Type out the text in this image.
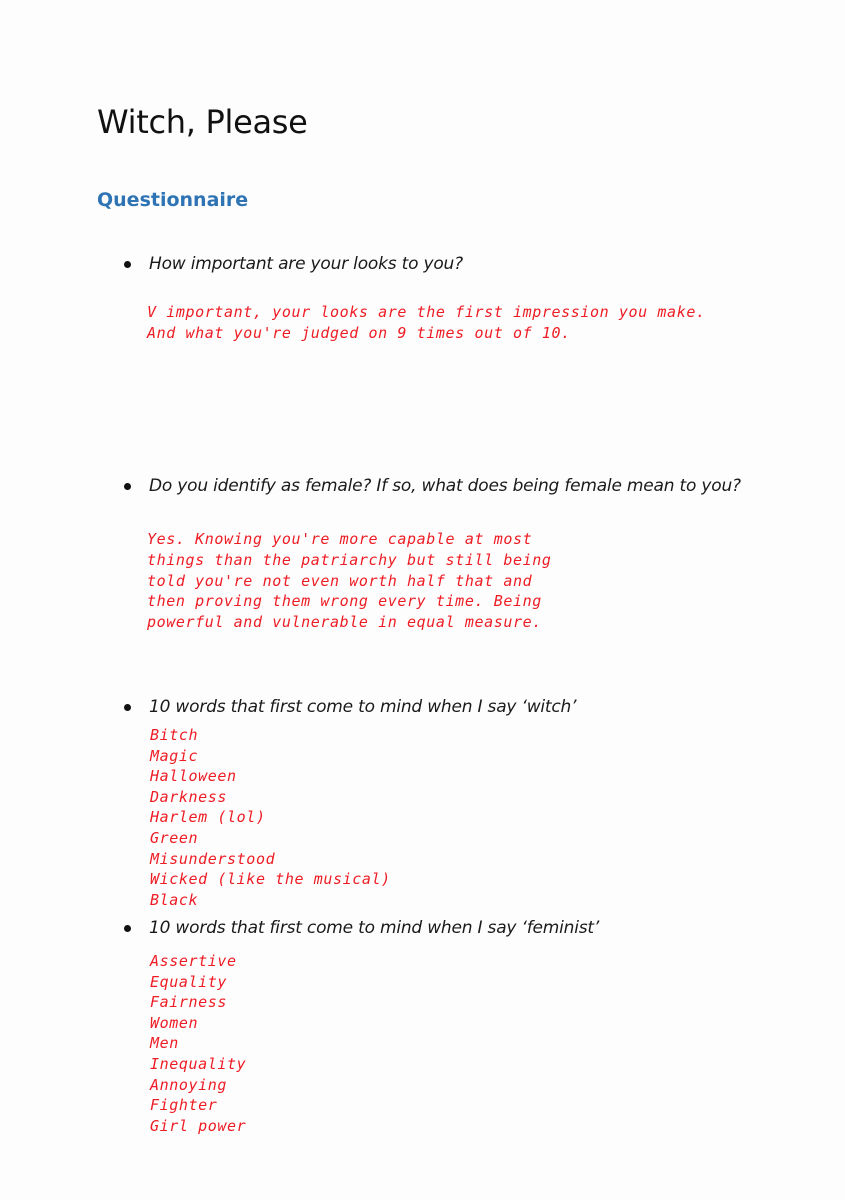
Witch, Please
Questionnaire
How important are your looks to you?
V important, your looks are the first impression you make.
And what you're judged on 9 times out of 10.
Do you identify as female? If so, what does being female mean to you?
Yes. Knowing you're more capable at most
things than the patriarchy but still being
told you're not even worth half that and
then proving them wrong every time. Being
powerful and vulnerable in equal measure.
10 words that first come to mind when I say ‘witch’
Bitch
Magic
Halloween
Darkness
Harlem (lol)
Green
Misunderstood
Wicked (like the musical)
Black
10 words that first come to mind when I say ‘feminist’
Assertive
Equality
Fairness
Women
Men
Inequality
Annoying
Fighter
Girl power
